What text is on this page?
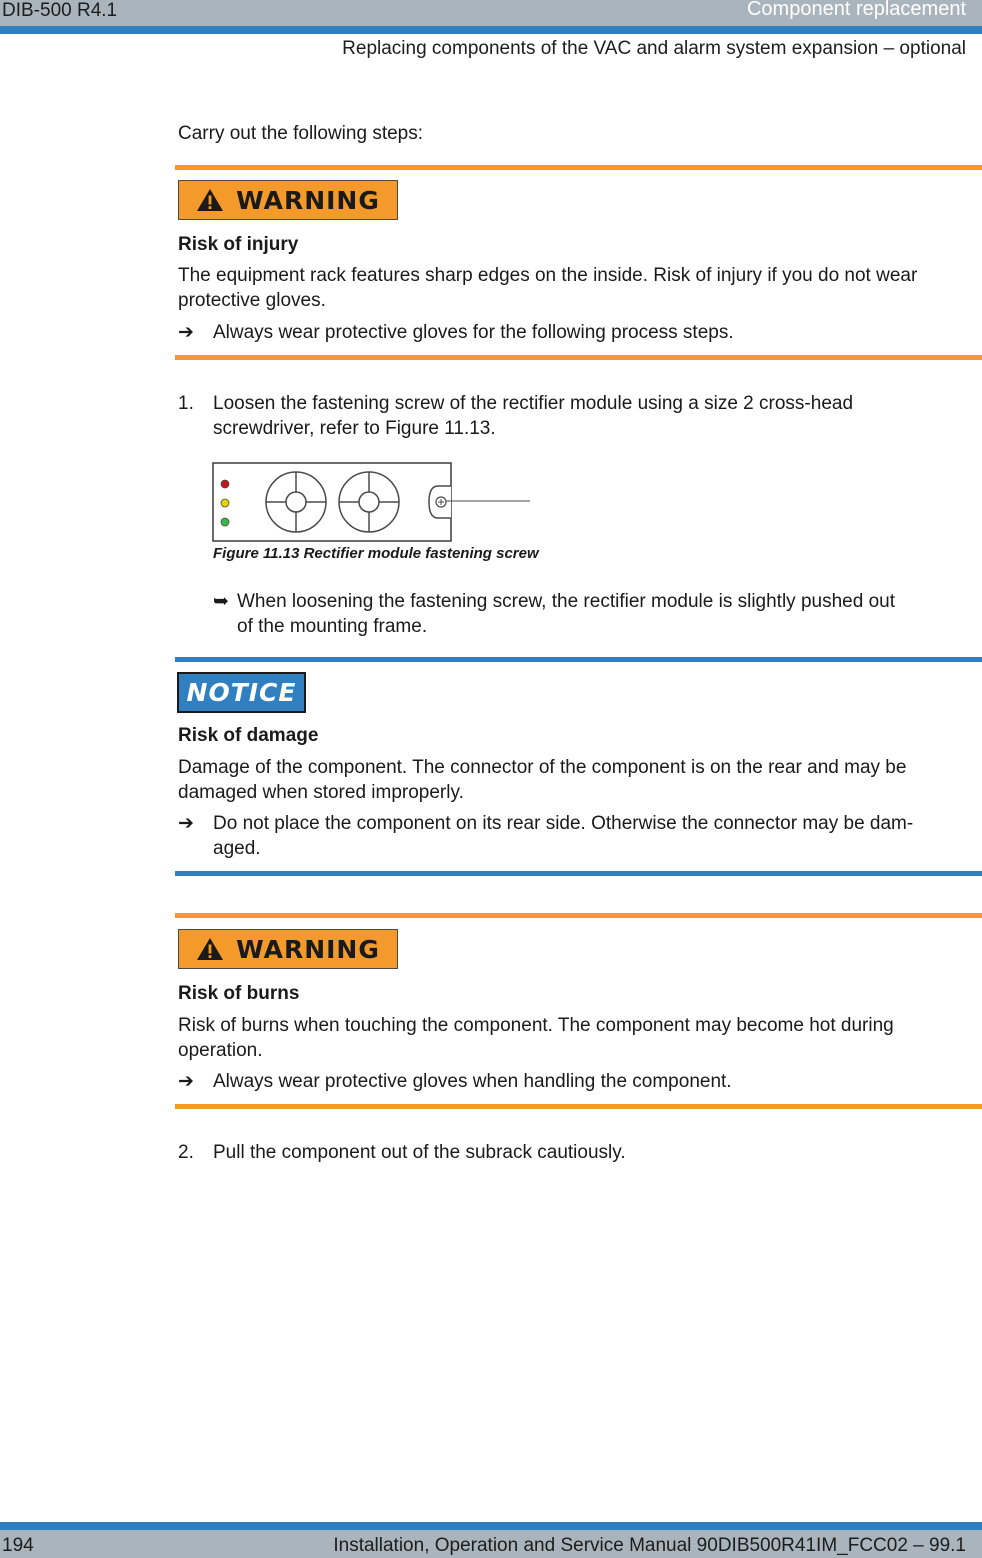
DIB-500 R4.1	Component replacement
Replacing components of the VAC and alarm system expansion – optional
Carry out the following steps:
WARNING
Risk of injury
The equipment rack features sharp edges on the inside. Risk of injury if you do not wear
protective gloves.
➔ Always wear protective gloves for the following process steps.
1. Loosen the fastening screw of the rectifier module using a size 2 cross-head
screwdriver, refer to Figure 11.13.
Figure 11.13 Rectifier module fastening screw
➥ When loosening the fastening screw, the rectifier module is slightly pushed out
of the mounting frame.
NOTICE
Risk of damage
Damage of the component. The connector of the component is on the rear and may be
damaged when stored improperly.
➔ Do not place the component on its rear side. Otherwise the connector may be dam-
aged.
WARNING
Risk of burns
Risk of burns when touching the component. The component may become hot during
operation.
➔ Always wear protective gloves when handling the component.
2. Pull the component out of the subrack cautiously.
194	Installation, Operation and Service Manual 90DIB500R41IM_FCC02 – 99.1
